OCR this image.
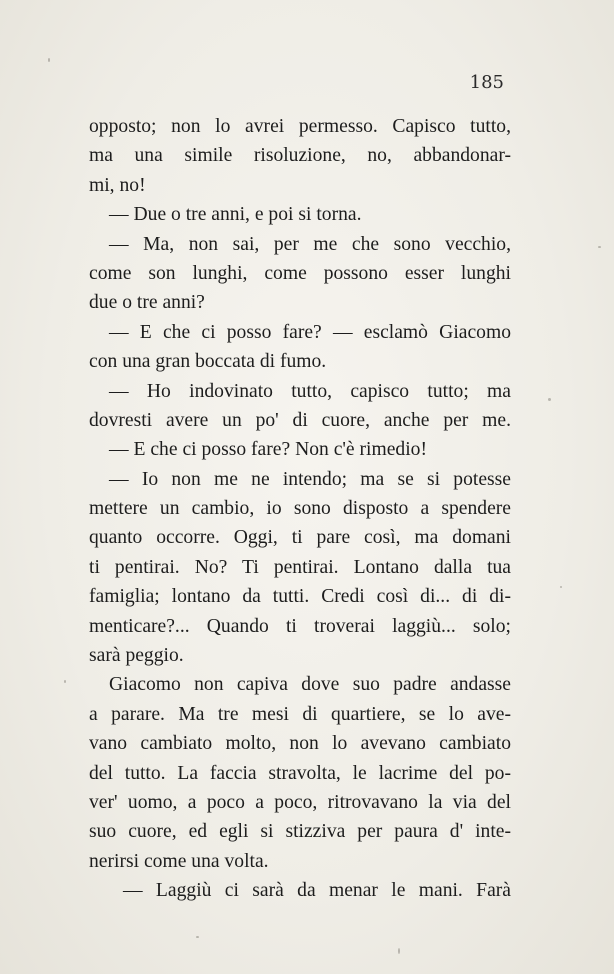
185
opposto; non lo avrei permesso. Capisco tutto,
ma una simile risoluzione, no, abbandonar-
mi, no!
— Due o tre anni, e poi si torna.
— Ma, non sai, per me che sono vecchio,
come son lunghi, come possono esser lunghi
due o tre anni?
— E che ci posso fare? — esclamò Giacomo
con una gran boccata di fumo.
— Ho indovinato tutto, capisco tutto; ma
dovresti avere un po' di cuore, anche per me.
— E che ci posso fare? Non c'è rimedio!
— Io non me ne intendo; ma se si potesse
mettere un cambio, io sono disposto a spendere
quanto occorre. Oggi, ti pare così, ma domani
ti pentirai. No? Ti pentirai. Lontano dalla tua
famiglia; lontano da tutti. Credi così di... di di-
menticare?... Quando ti troverai laggiù... solo;
sarà peggio.
Giacomo non capiva dove suo padre andasse
a parare. Ma tre mesi di quartiere, se lo ave-
vano cambiato molto, non lo avevano cambiato
del tutto. La faccia stravolta, le lacrime del po-
ver' uomo, a poco a poco, ritrovavano la via del
suo cuore, ed egli si stizziva per paura d' inte-
nerirsi come una volta.
— Laggiù ci sarà da menar le mani. Farà
